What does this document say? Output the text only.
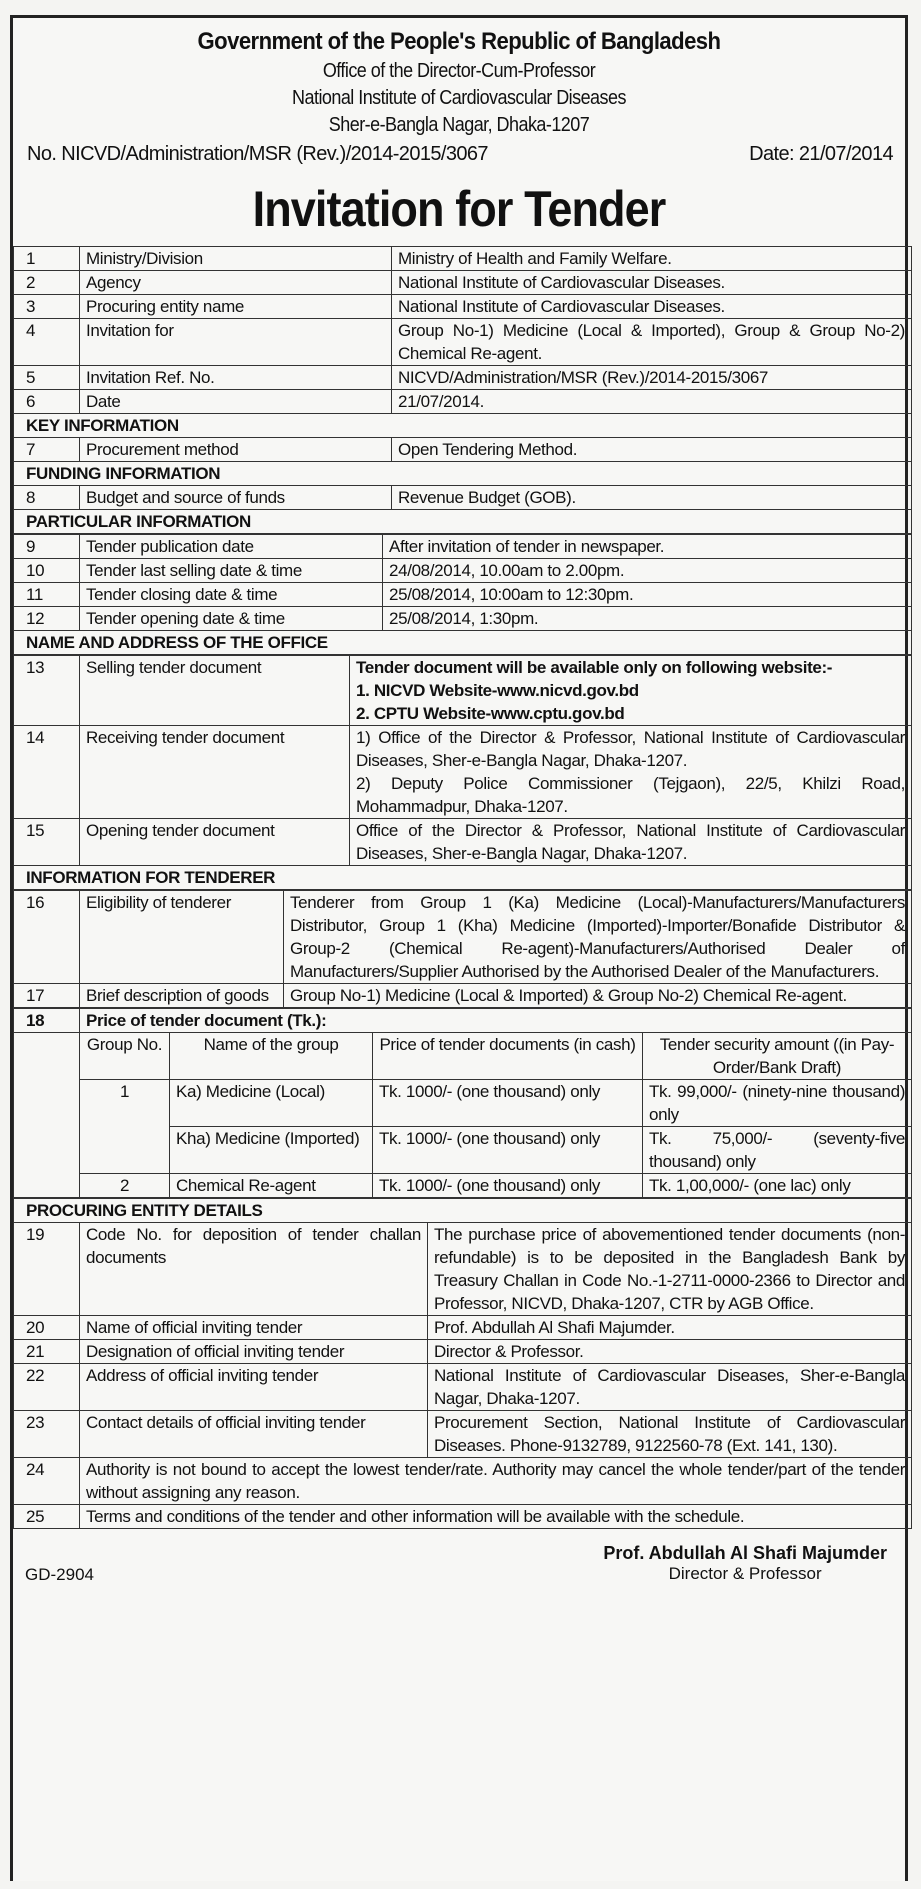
Government of the People's Republic of Bangladesh
Office of the Director-Cum-Professor
National Institute of Cardiovascular Diseases
Sher-e-Bangla Nagar, Dhaka-1207
No. NICVD/Administration/MSR (Rev.)/2014-2015/3067	Date: 21/07/2014
Invitation for Tender
1	Ministry/Division	Ministry of Health and Family Welfare.

2	Agency	National Institute of Cardiovascular Diseases.

3	Procuring entity name	National Institute of Cardiovascular Diseases.

4	Invitation for	Group No-1) Medicine (Local & Imported), Group & Group No-2) Chemical Re-agent.

5	Invitation Ref. No.	NICVD/Administration/MSR (Rev.)/2014-2015/3067

6	Date	21/07/2014.

KEY INFORMATION		
7	Procurement method	Open Tendering Method.

FUNDING INFORMATION		
8	Budget and source of funds	Revenue Budget (GOB).

PARTICULAR INFORMATION		
9	Tender publication date	After invitation of tender in newspaper.

10	Tender last selling date & time	24/08/2014, 10.00am to 2.00pm.

11	Tender closing date & time	25/08/2014, 10:00am to 12:30pm.

12	Tender opening date & time	25/08/2014, 1:30pm.

NAME AND ADDRESS OF THE OFFICE		
13	Selling tender document	Tender document will be available only on following website:-
1. NICVD Website-www.nicvd.gov.bd
2. CPTU Website-www.cptu.gov.bd

14	Receiving tender document	1) Office of the Director & Professor, National Institute of Cardiovascular Diseases, Sher-e-Bangla Nagar, Dhaka-1207.
2) Deputy Police Commissioner (Tejgaon), 22/5, Khilzi Road, Mohammadpur, Dhaka-1207.

15	Opening tender document	Office of the Director & Professor, National Institute of Cardiovascular Diseases, Sher-e-Bangla Nagar, Dhaka-1207.

INFORMATION FOR TENDERER		
16	Eligibility of tenderer	Tenderer from Group 1 (Ka) Medicine (Local)-Manufacturers/Manufacturers Distributor, Group 1 (Kha) Medicine (Imported)-Importer/Bonafide Distributor & Group-2 (Chemical Re-agent)-Manufacturers/Authorised Dealer of Manufacturers/Supplier Authorised by the Authorised Dealer of the Manufacturers.

17	Brief description of goods	Group No-1) Medicine (Local & Imported) & Group No-2) Chemical Re-agent.
18	Price of tender document (Tk.):			
	Group No.	Name of the group	Price of tender documents (in cash)	Tender security amount ((in Pay-Order/Bank Draft)
	1	Ka) Medicine (Local)	Tk. 1000/- (one thousand) only	Tk. 99,000/- (ninety-nine thousand) only
		Kha) Medicine (Imported)	Tk. 1000/- (one thousand) only	Tk. 75,000/- (seventy-five thousand) only
	2	Chemical Re-agent	Tk. 1000/- (one thousand) only	Tk. 1,00,000/- (one lac) only
PROCURING ENTITY DETAILS		
19	Code No. for deposition of tender challan documents	The purchase price of abovementioned tender documents (non-refundable) is to be deposited in the Bangladesh Bank by Treasury Challan in Code No.-1-2711-0000-2366 to Director and Professor, NICVD, Dhaka-1207, CTR by AGB Office.
20	Name of official inviting tender	Prof. Abdullah Al Shafi Majumder.
21	Designation of official inviting tender	Director & Professor.
22	Address of official inviting tender	National Institute of Cardiovascular Diseases, Sher-e-Bangla Nagar, Dhaka-1207.
23	Contact details of official inviting tender	Procurement Section, National Institute of Cardiovascular Diseases. Phone-9132789, 9122560-78 (Ext. 141, 130).
24	Authority is not bound to accept the lowest tender/rate. Authority may cancel the whole tender/part of the tender without assigning any reason.	
25	Terms and conditions of the tender and other information will be available with the schedule.	
GD-2904
Prof. Abdullah Al Shafi Majumder
Director & Professor
